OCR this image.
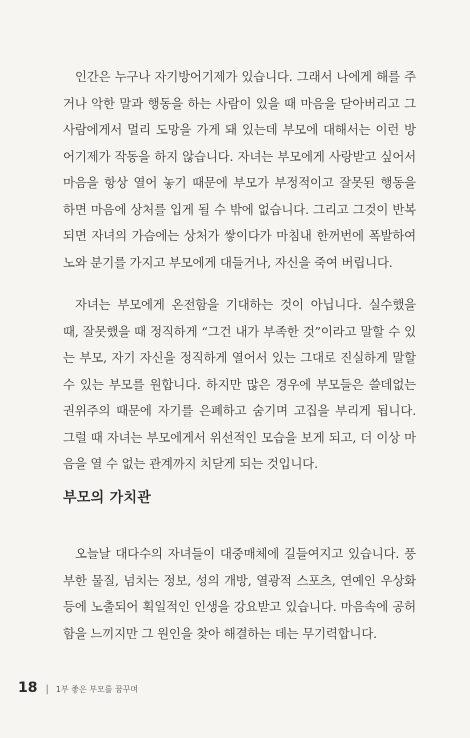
인간은 누구나 자기방어기제가 있습니다. 그래서 나에게 해를 주거나 악한 말과 행동을 하는 사람이 있을 때 마음을 닫아버리고 그 사람에게서 멀리 도망을 가게 돼 있는데 부모에 대해서는 이런 방어기제가 작동을 하지 않습니다. 자녀는 부모에게 사랑받고 싶어서 마음을 항상 열어 놓기 때문에 부모가 부정적이고 잘못된 행동을 하면 마음에 상처를 입게 될 수 밖에 없습니다. 그리고 그것이 반복되면 자녀의 가슴에는 상처가 쌓이다가 마침내 한꺼번에 폭발하여 노와 분기를 가지고 부모에게 대들거나, 자신을 죽여 버립니다.

자녀는 부모에게 온전함을 기대하는 것이 아닙니다. 실수했을 때, 잘못했을 때 정직하게 “그건 내가 부족한 것”이라고 말할 수 있는 부모, 자기 자신을 정직하게 열어서 있는 그대로 진실하게 말할 수 있는 부모를 원합니다. 하지만 많은 경우에 부모들은 쓸데없는 권위주의 때문에 자기를 은폐하고 숨기며 고집을 부리게 됩니다. 그럴 때 자녀는 부모에게서 위선적인 모습을 보게 되고, 더 이상 마음을 열 수 없는 관계까지 치닫게 되는 것입니다.

부모의 가치관

오늘날 대다수의 자녀들이 대중매체에 길들여지고 있습니다. 풍부한 물질, 넘치는 정보, 성의 개방, 열광적 스포츠, 연예인 우상화 등에 노출되어 획일적인 인생을 강요받고 있습니다. 마음속에 공허함을 느끼지만 그 원인을 찾아 해결하는 데는 무기력합니다.

18 | 1부 좋은 부모를 꿈꾸며
